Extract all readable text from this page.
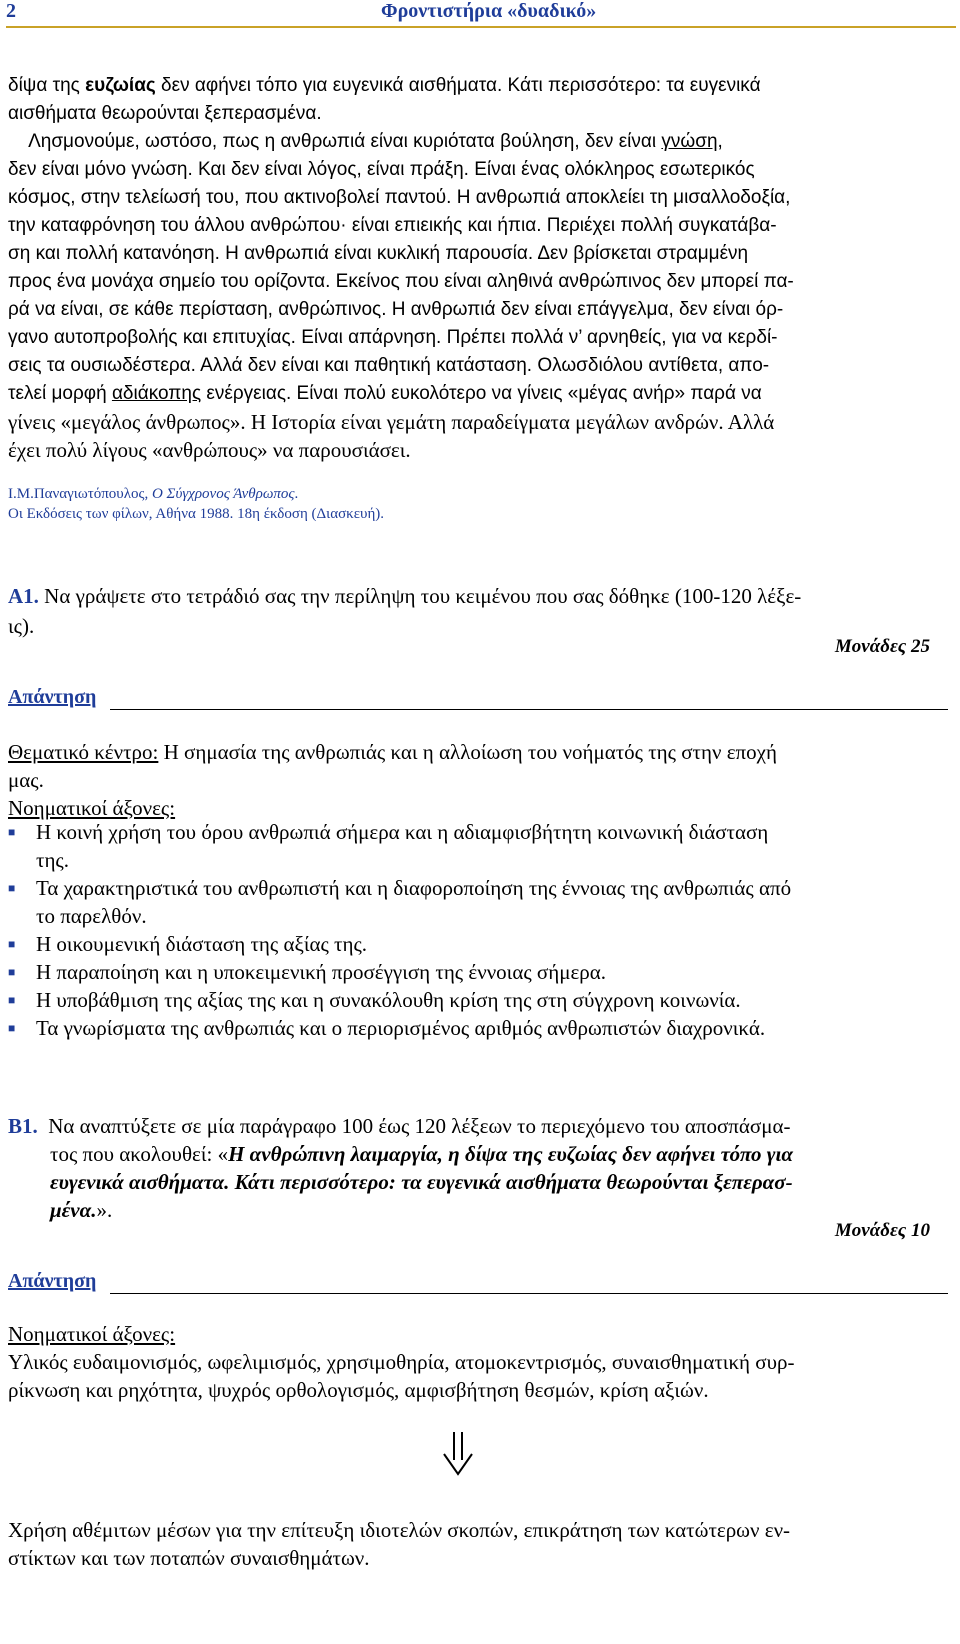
2	Φροντιστήρια «δυαδικό»
δίψα της ευζωίας δεν αφήνει τόπο για ευγενικά αισθήματα. Κάτι περισσότερο: τα ευγενικά
αισθήματα θεωρούνται ξεπερασμένα.
Λησμονούμε, ωστόσο, πως η ανθρωπιά είναι κυριότατα βούληση, δεν είναι γνώση,
δεν είναι μόνο γνώση. Και δεν είναι λόγος, είναι πράξη. Είναι ένας ολόκληρος εσωτερικός
κόσμος, στην τελείωσή του, που ακτινοβολεί παντού. Η ανθρωπιά αποκλείει τη μισαλλοδοξία,
την καταφρόνηση του άλλου ανθρώπου· είναι επιεικής και ήπια. Περιέχει πολλή συγκατάβα-
ση και πολλή κατανόηση. Η ανθρωπιά είναι κυκλική παρουσία. Δεν βρίσκεται στραμμένη
προς ένα μονάχα σημείο του ορίζοντα. Εκείνος που είναι αληθινά ανθρώπινος δεν μπορεί πα-
ρά να είναι, σε κάθε περίσταση, ανθρώπινος. Η ανθρωπιά δεν είναι επάγγελμα, δεν είναι όρ-
γανο αυτοπροβολής και επιτυχίας. Είναι απάρνηση. Πρέπει πολλά ν’ αρνηθείς, για να κερδί-
σεις τα ουσιωδέστερα. Αλλά δεν είναι και παθητική κατάσταση. Ολωσδιόλου αντίθετα, απο-
τελεί μορφή αδιάκοπης ενέργειας. Είναι πολύ ευκολότερο να γίνεις «μέγας ανήρ» παρά να
γίνεις «μεγάλος άνθρωπος». Η Ιστορία είναι γεμάτη παραδείγματα μεγάλων ανδρών. Αλλά
έχει πολύ λίγους «ανθρώπους» να παρουσιάσει.
Ι.Μ.Παναγιωτόπουλος, Ο Σύγχρονος Άνθρωπος.
Οι Εκδόσεις των φίλων, Αθήνα 1988. 18η έκδοση (Διασκευή).
Α1. Να γράψετε στο τετράδιό σας την περίληψη του κειμένου που σας δόθηκε (100-120 λέξε-
ις).
Μονάδες 25
Απάντηση
Θεματικό κέντρο: Η σημασία της ανθρωπιάς και η αλλοίωση του νοήματός της στην εποχή
μας.
Νοηματικοί άξονες:
■ Η κοινή χρήση του όρου ανθρωπιά σήμερα και η αδιαμφισβήτητη κοινωνική διάσταση
της.
■ Τα χαρακτηριστικά του ανθρωπιστή και η διαφοροποίηση της έννοιας της ανθρωπιάς από
το παρελθόν.
■ Η οικουμενική διάσταση της αξίας της.
■ Η παραποίηση και η υποκειμενική προσέγγιση της έννοιας σήμερα.
■ Η υποβάθμιση της αξίας της και η συνακόλουθη κρίση της στη σύγχρονη κοινωνία.
■ Τα γνωρίσματα της ανθρωπιάς και ο περιορισμένος αριθμός ανθρωπιστών διαχρονικά.
Β1.  Να αναπτύξετε σε μία παράγραφο 100 έως 120 λέξεων το περιεχόμενο του αποσπάσμα-
τος που ακολουθεί: «Η ανθρώπινη λαιμαργία, η δίψα της ευζωίας δεν αφήνει τόπο για
ευγενικά αισθήματα. Κάτι περισσότερο: τα ευγενικά αισθήματα θεωρούνται ξεπερασ-
μένα.».
Μονάδες 10
Απάντηση
Νοηματικοί άξονες:
Υλικός ευδαιμονισμός, ωφελιμισμός, χρησιμοθηρία, ατομοκεντρισμός, συναισθηματική συρ-
ρίκνωση και ρηχότητα, ψυχρός ορθολογισμός, αμφισβήτηση θεσμών, κρίση αξιών.
Χρήση αθέμιτων μέσων για την επίτευξη ιδιοτελών σκοπών, επικράτηση των κατώτερων εν-
στίκτων και των ποταπών συναισθημάτων.
